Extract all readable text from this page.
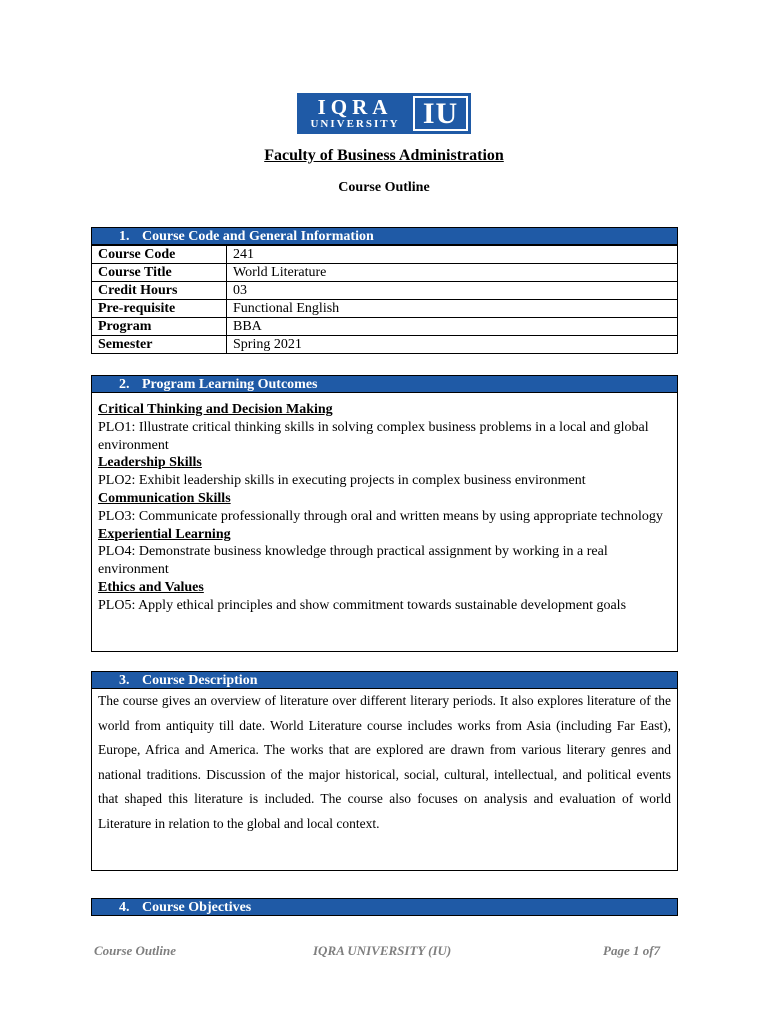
IQRA
UNIVERSITY IU
Faculty of Business Administration
Course Outline
1. Course Code and General Information
Course Code	241
Course Title	World Literature
Credit Hours	03
Pre-requisite	Functional English
Program	BBA
Semester	Spring 2021
2. Program Learning Outcomes
Critical Thinking and Decision Making
PLO1: Illustrate critical thinking skills in solving complex business problems in a local and global environment
Leadership Skills
PLO2: Exhibit leadership skills in executing projects in complex business environment
Communication Skills
PLO3: Communicate professionally through oral and written means by using appropriate technology
Experiential Learning
PLO4: Demonstrate business knowledge through practical assignment by working in a real environment
Ethics and Values
PLO5: Apply ethical principles and show commitment towards sustainable development goals
3. Course Description
The course gives an overview of literature over different literary periods. It also explores literature of the world from antiquity till date. World Literature course includes works from Asia (including Far East), Europe, Africa and America. The works that are explored are drawn from various literary genres and national traditions. Discussion of the major historical, social, cultural, intellectual, and political events that shaped this literature is included. The course also focuses on analysis and evaluation of world Literature in relation to the global and local context.
4. Course Objectives
Course Outline	IQRA UNIVERSITY (IU)	Page 1 of7
